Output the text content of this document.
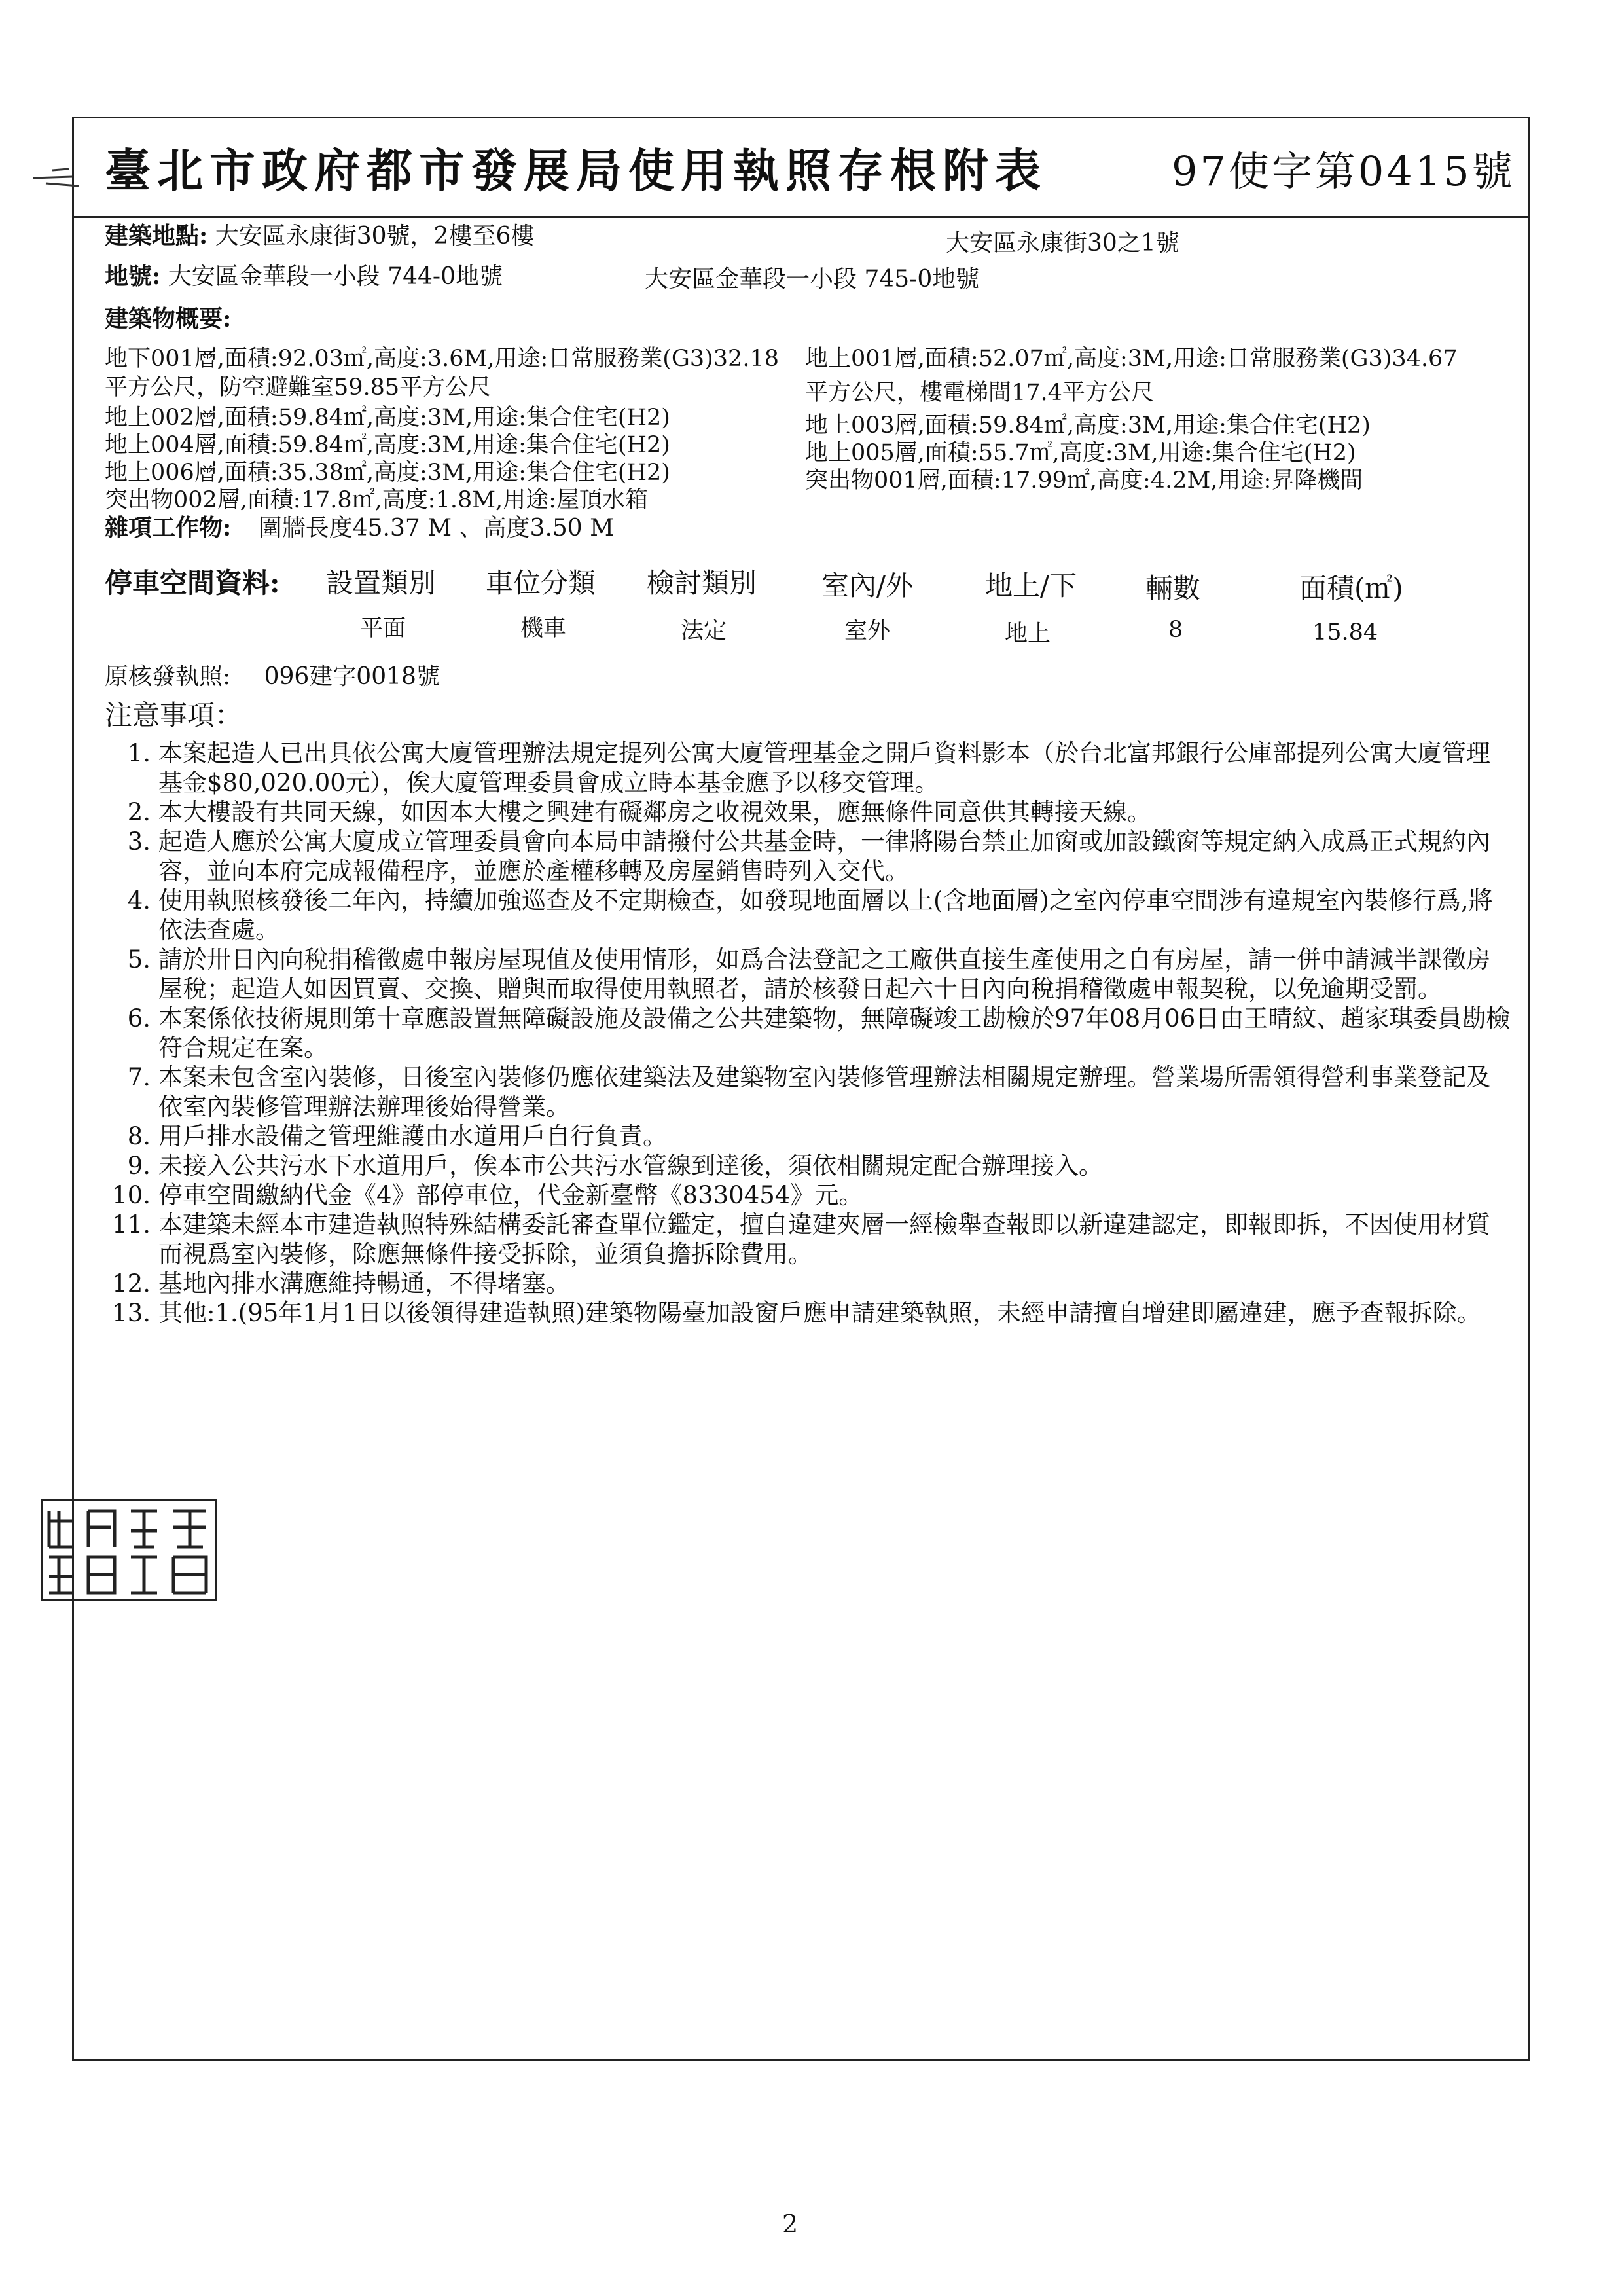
臺北市政府都市發展局使用執照存根附表	97使字第0415號
建築地點: 大安區永康街30號，2樓至6樓	大安區永康街30之1號
地號: 大安區金華段一小段 744-0地號	大安區金華段一小段 745-0地號
建築物概要:
地下001層,面積:92.03㎡,高度:3.6M,用途:日常服務業(G3)32.18 地上001層,面積:52.07㎡,高度:3M,用途:日常服務業(G3)34.67
平方公尺，防空避難室59.85平方公尺	平方公尺，樓電梯間17.4平方公尺
地上002層,面積:59.84㎡,高度:3M,用途:集合住宅(H2)	地上003層,面積:59.84㎡,高度:3M,用途:集合住宅(H2)
地上004層,面積:59.84㎡,高度:3M,用途:集合住宅(H2)	地上005層,面積:55.7㎡,高度:3M,用途:集合住宅(H2)
地上006層,面積:35.38㎡,高度:3M,用途:集合住宅(H2)	突出物001層,面積:17.99㎡,高度:4.2M,用途:昇降機間
突出物002層,面積:17.8㎡,高度:1.8M,用途:屋頂水箱
雜項工作物: 圍牆長度45.37 M 、高度3.50 M
停車空間資料: 設置類別 車位分類 檢討類別 室內/外	地上/下 輛數	面積(㎡)
平面	機車	法定	室外	地上	8	15.84
原核發執照: 096建字0018號
注意事項：
1. 本案起造人已出具依公寓大廈管理辦法規定提列公寓大廈管理基金之開戶資料影本（於台北富邦銀行公庫部提列公寓大廈管理基金$80,020.00元），俟大廈管理委員會成立時本基金應予以移交管理。
2. 本大樓設有共同天線，如因本大樓之興建有礙鄰房之收視效果，應無條件同意供其轉接天線。
3. 起造人應於公寓大廈成立管理委員會向本局申請撥付公共基金時，一律將陽台禁止加窗或加設鐵窗等規定納入成爲正式規約內容，並向本府完成報備程序，並應於產權移轉及房屋銷售時列入交代。
4. 使用執照核發後二年內，持續加強巡查及不定期檢查，如發現地面層以上(含地面層)之室內停車空間涉有違規室內裝修行爲,將依法查處。
5. 請於卅日內向稅捐稽徵處申報房屋現值及使用情形，如爲合法登記之工廠供直接生產使用之自有房屋，請一併申請減半課徵房屋稅；起造人如因買賣、交換、贈與而取得使用執照者，請於核發日起六十日內向稅捐稽徵處申報契稅，以免逾期受罰。
6. 本案係依技術規則第十章應設置無障礙設施及設備之公共建築物，無障礙竣工勘檢於97年08月06日由王晴紋、趙家琪委員勘檢符合規定在案。
7. 本案未包含室內裝修，日後室內裝修仍應依建築法及建築物室內裝修管理辦法相關規定辦理。營業場所需領得營利事業登記及依室內裝修管理辦法辦理後始得營業。
8. 用戶排水設備之管理維護由水道用戶自行負責。
9. 未接入公共污水下水道用戶，俟本市公共污水管線到達後，須依相關規定配合辦理接入。
10. 停車空間繳納代金《4》部停車位，代金新臺幣《8330454》元。
11. 本建築未經本市建造執照特殊結構委託審查單位鑑定，擅自違建夾層一經檢舉查報即以新違建認定，即報即拆，不因使用材質而視爲室內裝修，除應無條件接受拆除，並須負擔拆除費用。
12. 基地內排水溝應維持暢通，不得堵塞。
13. 其他:1.(95年1月1日以後領得建造執照)建築物陽臺加設窗戶應申請建築執照，未經申請擅自增建即屬違建，應予查報拆除。
2
